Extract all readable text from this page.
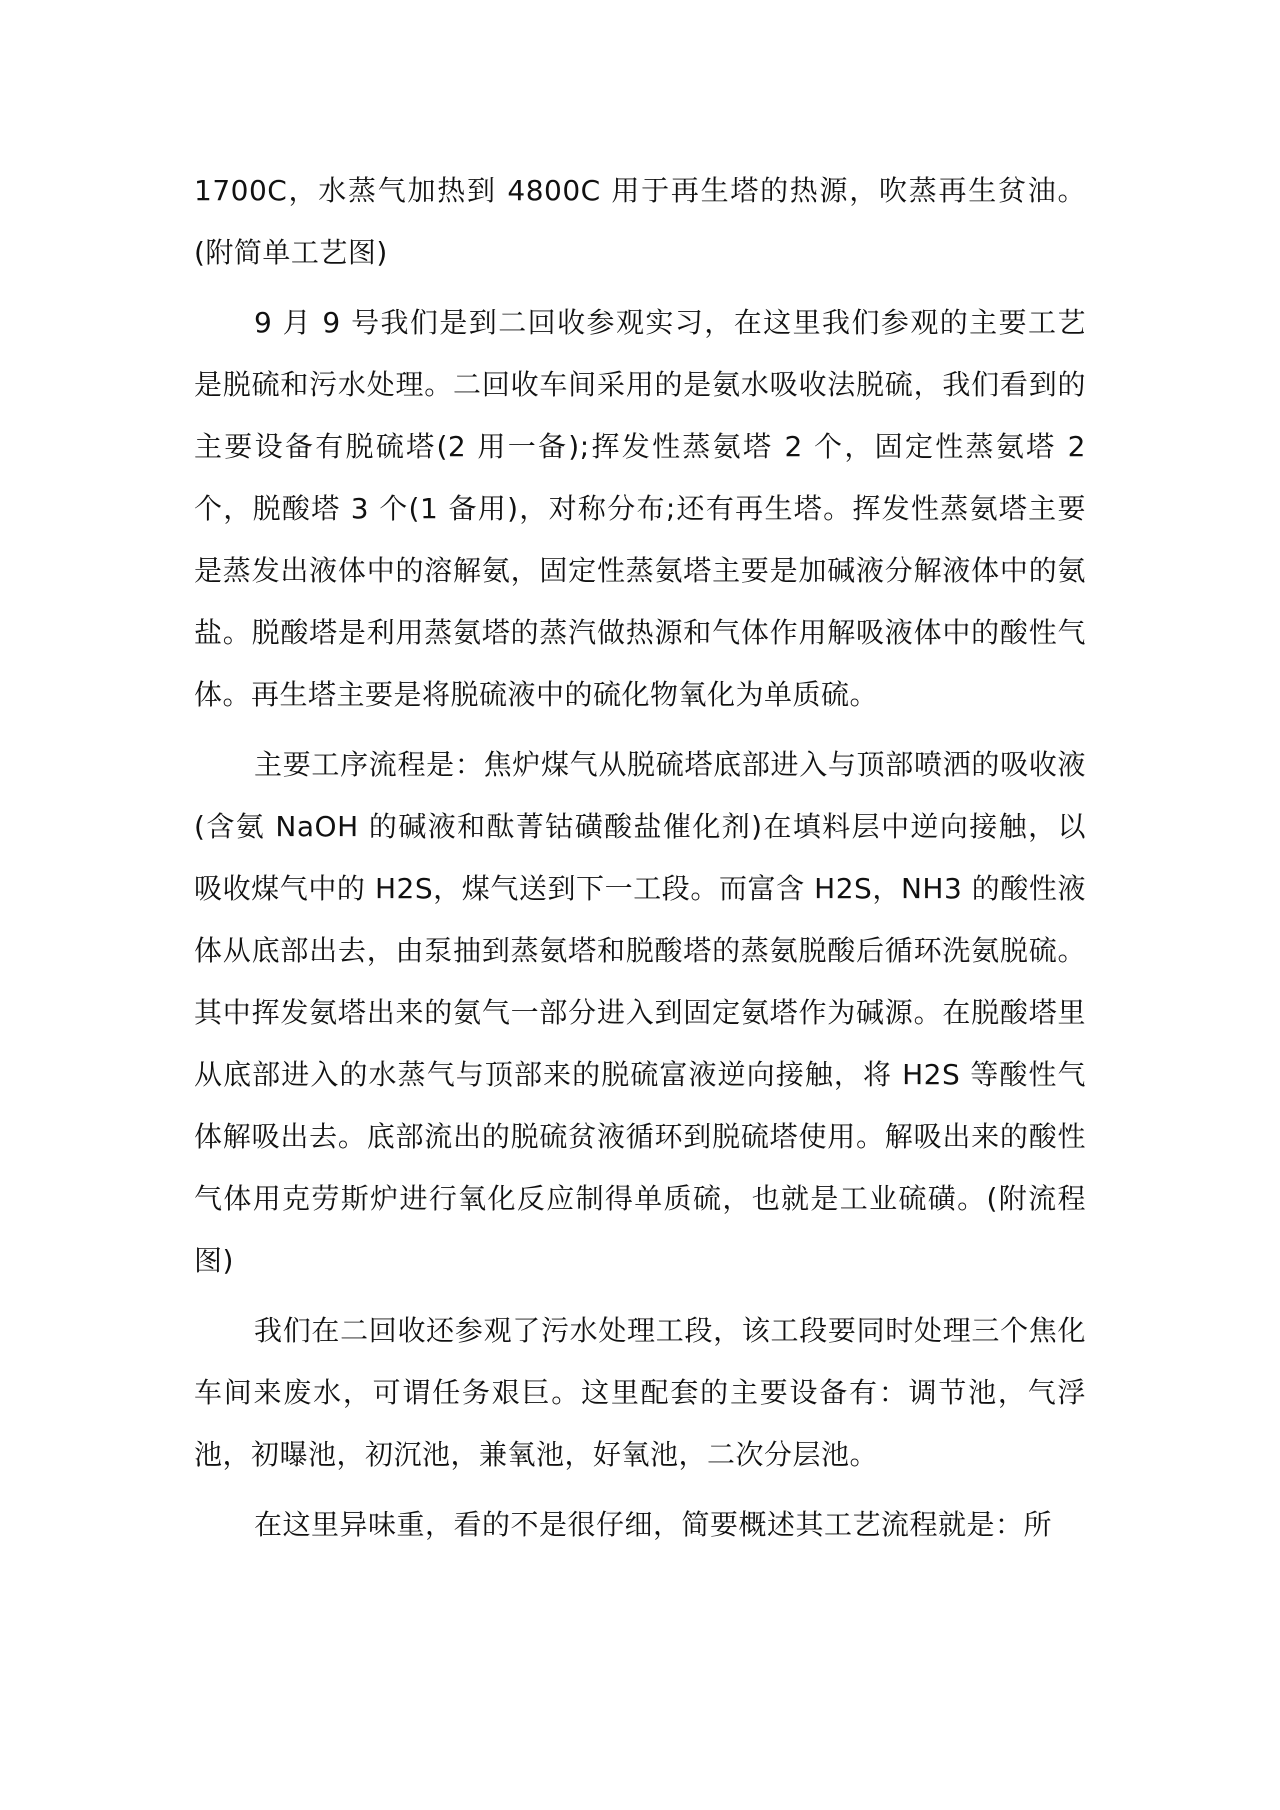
1700C，水蒸气加热到 4800C 用于再生塔的热源，吹蒸再生贫油。(附简单工艺图)

9 月 9 号我们是到二回收参观实习，在这里我们参观的主要工艺是脱硫和污水处理。二回收车间采用的是氨水吸收法脱硫，我们看到的主要设备有脱硫塔(2 用一备);挥发性蒸氨塔 2 个，固定性蒸氨塔 2 个，脱酸塔 3 个(1 备用)，对称分布;还有再生塔。挥发性蒸氨塔主要是蒸发出液体中的溶解氨，固定性蒸氨塔主要是加碱液分解液体中的氨盐。脱酸塔是利用蒸氨塔的蒸汽做热源和气体作用解吸液体中的酸性气体。再生塔主要是将脱硫液中的硫化物氧化为单质硫。

主要工序流程是：焦炉煤气从脱硫塔底部进入与顶部喷洒的吸收液(含氨 NaOH 的碱液和酞菁钴磺酸盐催化剂)在填料层中逆向接触，以吸收煤气中的 H2S，煤气送到下一工段。而富含 H2S，NH3 的酸性液体从底部出去，由泵抽到蒸氨塔和脱酸塔的蒸氨脱酸后循环洗氨脱硫。其中挥发氨塔出来的氨气一部分进入到固定氨塔作为碱源。在脱酸塔里从底部进入的水蒸气与顶部来的脱硫富液逆向接触，将 H2S 等酸性气体解吸出去。底部流出的脱硫贫液循环到脱硫塔使用。解吸出来的酸性气体用克劳斯炉进行氧化反应制得单质硫，也就是工业硫磺。(附流程图)

我们在二回收还参观了污水处理工段，该工段要同时处理三个焦化车间来废水，可谓任务艰巨。这里配套的主要设备有：调节池，气浮池，初曝池，初沉池，兼氧池，好氧池，二次分层池。

在这里异味重，看的不是很仔细，简要概述其工艺流程就是：所
